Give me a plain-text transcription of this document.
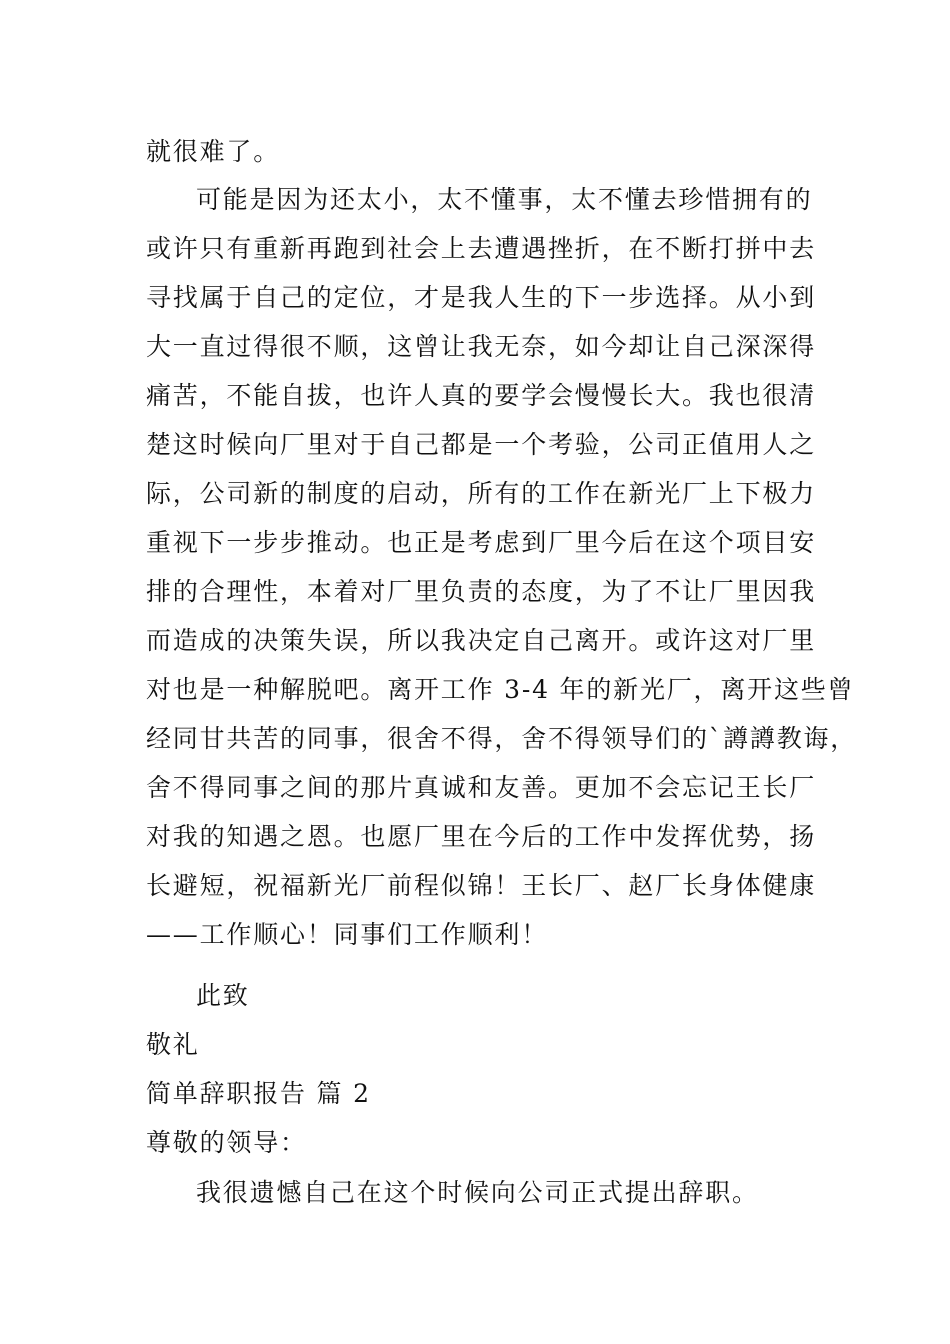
就很难了。
可能是因为还太小，太不懂事，太不懂去珍惜拥有的
或许只有重新再跑到社会上去遭遇挫折，在不断打拼中去
寻找属于自己的定位，才是我人生的下一步选择。从小到
大一直过得很不顺，这曾让我无奈，如今却让自己深深得
痛苦，不能自拔，也许人真的要学会慢慢长大。我也很清
楚这时候向厂里对于自己都是一个考验，公司正值用人之
际，公司新的制度的启动，所有的工作在新光厂上下极力
重视下一步步推动。也正是考虑到厂里今后在这个项目安
排的合理性，本着对厂里负责的态度，为了不让厂里因我
而造成的决策失误，所以我决定自己离开。或许这对厂里
对也是一种解脱吧。离开工作 3-4 年的新光厂，离开这些曾
经同甘共苦的同事，很舍不得，舍不得领导们的`譐譐教诲，
舍不得同事之间的那片真诚和友善。更加不会忘记王长厂
对我的知遇之恩。也愿厂里在今后的工作中发挥优势，扬
长避短，祝福新光厂前程似锦！王长厂、赵厂长身体健康
——工作顺心！同事们工作顺利！
此致
敬礼
简单辞职报告 篇 2
尊敬的领导：
我很遗憾自己在这个时候向公司正式提出辞职。
